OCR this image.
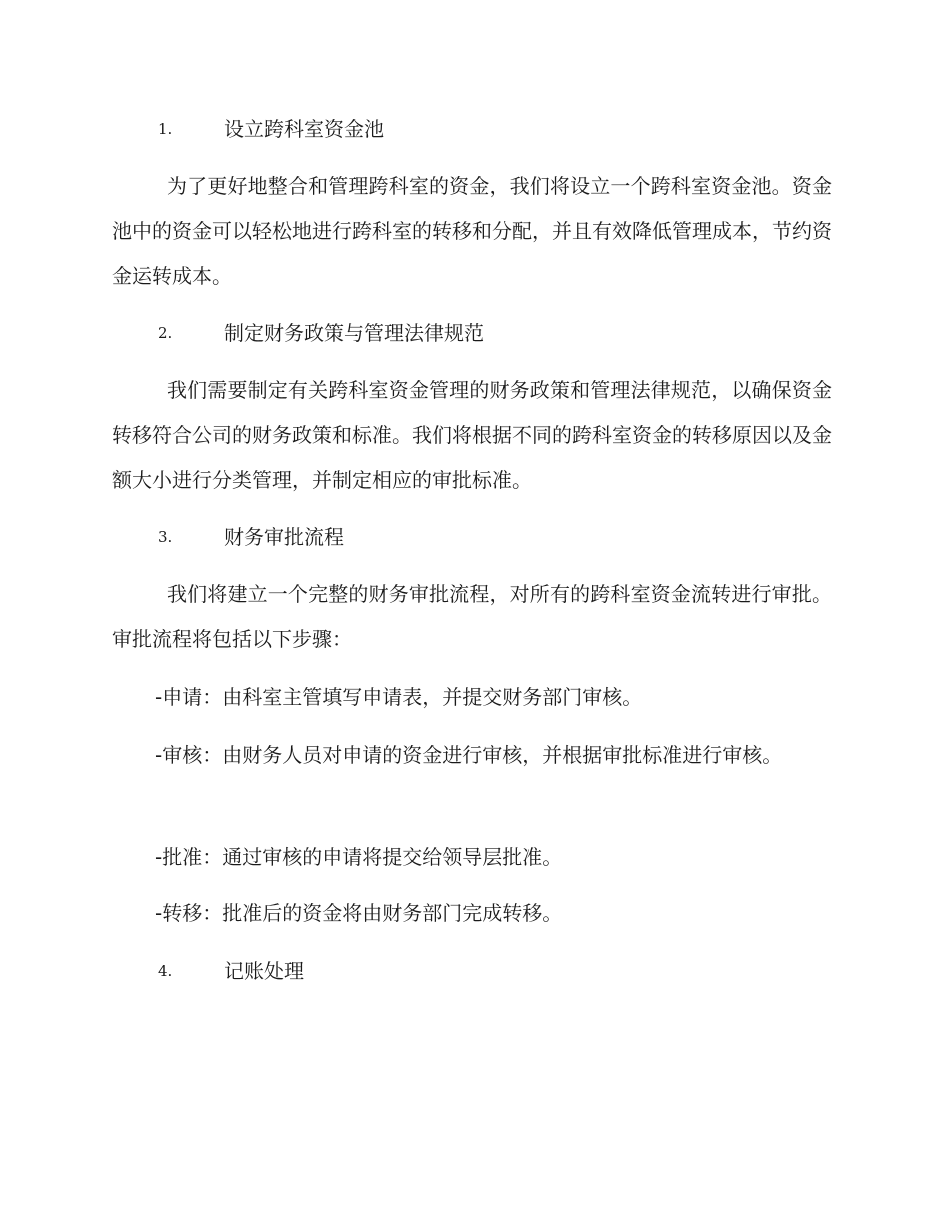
1.	设立跨科室资金池

为了更好地整合和管理跨科室的资金，我们将设立一个跨科室资金池。资金池中的资金可以轻松地进行跨科室的转移和分配，并且有效降低管理成本，节约资金运转成本。

2.	制定财务政策与管理法律规范

我们需要制定有关跨科室资金管理的财务政策和管理法律规范，以确保资金转移符合公司的财务政策和标准。我们将根据不同的跨科室资金的转移原因以及金额大小进行分类管理，并制定相应的审批标准。

3.	财务审批流程

我们将建立一个完整的财务审批流程，对所有的跨科室资金流转进行审批。审批流程将包括以下步骤：

-申请：由科室主管填写申请表，并提交财务部门审核。

-审核：由财务人员对申请的资金进行审核，并根据审批标准进行审核。

-批准：通过审核的申请将提交给领导层批准。

-转移：批准后的资金将由财务部门完成转移。

4.	记账处理
